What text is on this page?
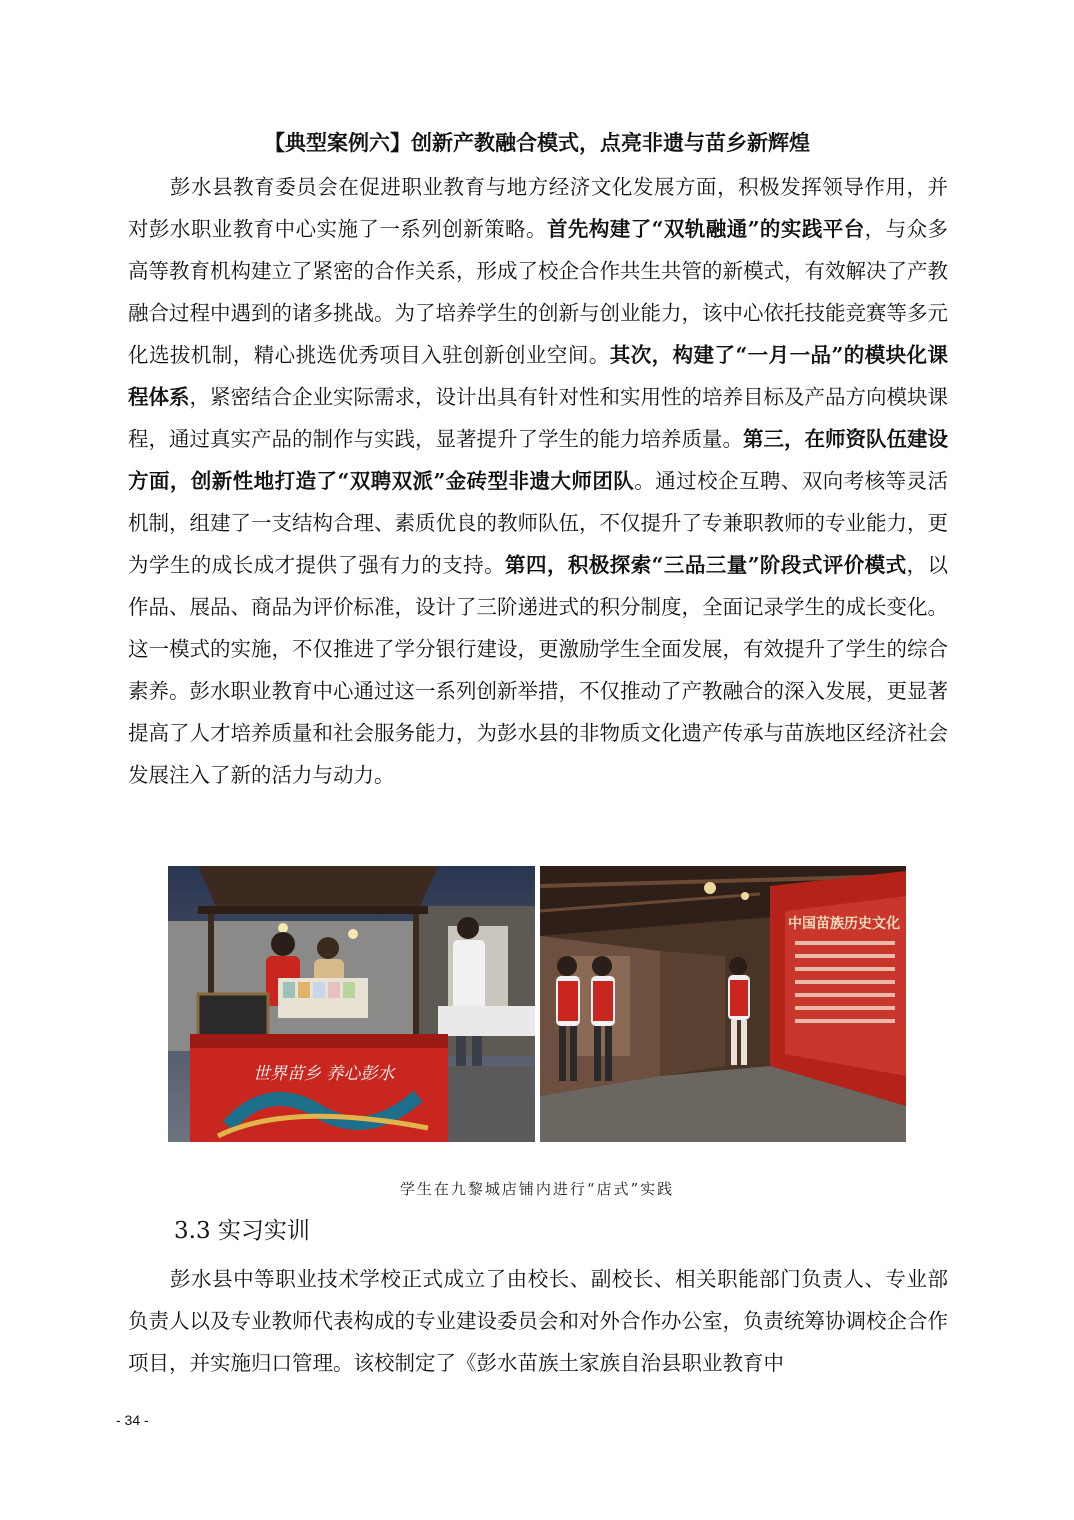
【典型案例六】创新产教融合模式，点亮非遗与苗乡新辉煌

彭水县教育委员会在促进职业教育与地方经济文化发展方面，积极发挥领导作用，并对彭水职业教育中心实施了一系列创新策略。首先构建了“双轨融通”的实践平台，与众多高等教育机构建立了紧密的合作关系，形成了校企合作共生共管的新模式，有效解决了产教融合过程中遇到的诸多挑战。为了培养学生的创新与创业能力，该中心依托技能竞赛等多元化选拔机制，精心挑选优秀项目入驻创新创业空间。其次，构建了“一月一品”的模块化课程体系，紧密结合企业实际需求，设计出具有针对性和实用性的培养目标及产品方向模块课程，通过真实产品的制作与实践，显著提升了学生的能力培养质量。第三，在师资队伍建设方面，创新性地打造了“双聘双派”金砖型非遗大师团队。通过校企互聘、双向考核等灵活机制，组建了一支结构合理、素质优良的教师队伍，不仅提升了专兼职教师的专业能力，更为学生的成长成才提供了强有力的支持。第四，积极探索“三品三量”阶段式评价模式，以作品、展品、商品为评价标准，设计了三阶递进式的积分制度，全面记录学生的成长变化。这一模式的实施，不仅推进了学分银行建设，更激励学生全面发展，有效提升了学生的综合素养。彭水职业教育中心通过这一系列创新举措，不仅推动了产教融合的深入发展，更显著提高了人才培养质量和社会服务能力，为彭水县的非物质文化遗产传承与苗族地区经济社会发展注入了新的活力与动力。

世界苗乡 养心彭水
中国苗族历史文化
学生在九黎城店铺内进行“店式”实践
3.3 实习实训

彭水县中等职业技术学校正式成立了由校长、副校长、相关职能部门负责人、专业部负责人以及专业教师代表构成的专业建设委员会和对外合作办公室，负责统筹协调校企合作项目，并实施归口管理。该校制定了《彭水苗族土家族自治县职业教育中

- 34 -
